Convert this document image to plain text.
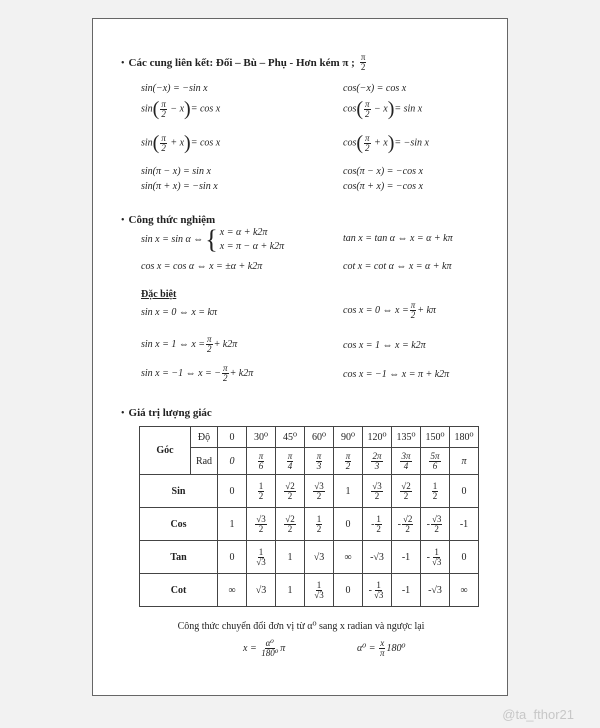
• Các cung liên kết: Đối – Bù – Phụ - Hơn kém π ; $\frac{\pi}{2}$
sin(−x) = −sin x	cos(−x) = cos x
$\sin( \frac{\pi}{2} - x)= \cos x$	$\cos( \frac{\pi}{2} - x)= \sin x$
$\sin( \frac{\pi}{2} + x)= \cos x$	$\cos( \frac{\pi}{2} + x)= -\sin$ x
sin(π − x) = sin x	cos(π − x) = −cos x
sin(π + x) = −sin x	cos(π + x) = −cos x
• Công thức nghiệm
sin x = sin α ⇔ { x = α + k2π
x = π − α + k2π
tan x = tan α ⇔ x = α + kπ
cos x = cos α ⇔ x = ±α + k2π	cot x = cot α ⇔ x = α + kπ
Đặc biệt
sin x = 0 ⇔ x = kπ	cos x = 0 ⇔ $x = \frac{\pi}{2} + k\pi$
sin x = 1 ⇔ $x = \frac{\pi}{2} + k2\pi$	cos x = 1 ⇔ x = k2π
sin x = −1 ⇔ x = − $\frac{\pi}{2} + k2\pi$	cos x = −1 ⇔ x = π + k2π
• Giá trị lượng giác
Góc	Độ	0	30⁰	45⁰	60⁰	90⁰	120⁰	135⁰	150⁰	180⁰
	Rad	0	$\frac{\pi}{6}$	$\frac{\pi}{4}$	$\frac{\pi}{3}$	$\frac{\pi}{2}$	$\frac{2\pi}{3}$	$\frac{3\pi}{4}$	$\frac{5\pi}{6}$	π
Sin		0	$\frac{1}{2}$	$\frac{√2}{2}$	$\frac{√3}{2}$	1	$\frac{√3}{2}$	$\frac{√2}{2}$	$\frac{1}{2}$	0
Cos		1	$\frac{√3}{2}$	$\frac{√2}{2}$	$\frac{1}{2}$	0	- $\frac{1}{2}$	- $\frac{√2}{2}$	- $\frac{√3}{2}$	-1
Tan		0	$\frac{1}{√3}$	1	√3	∞	-√3	-1	- $\frac{1}{√3}$	0
Cot		∞	√3	1	$\frac{1}{√3}$	0	- $\frac{1}{√3}$	-1	-√3	∞
Công thức chuyển đổi đơn vị từ α⁰ sang x radian và ngược lại
$x = \frac{\text{α⁰}}{\text{180⁰}}$ π	$\alpha^0 = \frac{x}{\pi} 180^0$
@ta_fthor21
